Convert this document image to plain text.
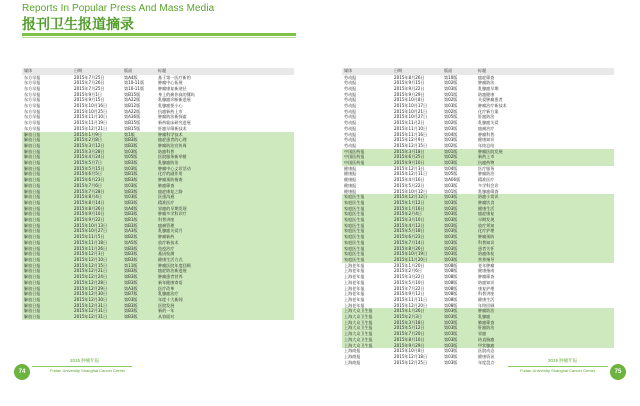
Reports In Popular Press And Mass Media
报刊卫生报道摘录
媒体	日期	版面	标题
东方早报	2015年7月25日	第A4版	基于第一医疗新的
东方早报	2015年7月26日	第10-11版	肿瘤中心拓展
东方早报	2015年7月25日	第10-11版	肿瘤康复新途径
东方早报	2015年9月1日	第B15版	身上的痛你真的懂吗
东方早报	2015年9月15日	第A22版	乳腺癌诊断新进展
东方早报	2015年10月16日	第B12版	乳腺癌要小心
东方早报	2015年10月25日	第A22版	抗癌新药上市
东方早报	2015年11月10日	第A36版	肿瘤防治新探索
东方早报	2015年11月19日	第B15版	新药临床研究进展
东方早报	2015年12月21日	第B15版	肝癌早筛新技术
解放日报	2015年1月9日	第1版	肿瘤科学技术
解放日报	2015年2月8日	第B3版	癌症患者的心理
解放日报	2015年3月12日	第B3版	肿瘤防治宣传周
解放日报	2015年3月28日	第03版	防癌科普
解放日报	2015年4月24日	第05版	医院服务新举措
解放日报	2015年5月7日	第B3版	乳腺癌防治
解放日报	2015年5月15日	第03版	肿瘤中心义诊活动
解放日报	2015年6月5日	第B1版	化疗的副作用
解放日报	2015年6月23日	第B3版	肿瘤预防指南
解放日报	2015年7月6日	第03版	肺癌筛查
解放日报	2015年7月28日	第B3版	癌症康复之路
解放日报	2015年8月4日	第03版	医患沟通
解放日报	2015年8月14日	第B3版	精准医疗
解放日报	2015年8月26日	第A4版	胃癌的早期发现
解放日报	2015年9月10日	第B3版	肿瘤多学科诊疗
解放日报	2015年9月22日	第B1版	科普讲座
解放日报	2015年10月13日	第B3版	癌痛管理
解放日报	2015年10月27日	第A3版	乳腺癌关爱月
解放日报	2015年11月5日	第B2版	肿瘤新药
解放日报	2015年11月18日	第A5版	放疗新技术
解放日报	2015年11月26日	第B3版	免疫治疗
解放日报	2015年12月3日	第B3版	基因检测
解放日报	2015年12月10日	第B3版	健康生活方式
解放日报	2015年12月15日	第11版	肿瘤医院年度回顾
解放日报	2015年12月21日	第B3版	癌症防治新进展
解放日报	2015年12月24日	第B3版	肿瘤患者营养
解放日报	2015年12月28日	第B3版	新年健康寄语
解放日报	2015年12月29日	第A3版	医疗改革
解放日报	2015年12月30日	第B7版	乳腺癌治疗
解放日报	2015年12月30日	第03版	年度十大新闻
解放日报	2015年12月31日	第B3版	医院发展
解放日报	2015年12月31日	第B3版	新的一年
解放日报	2015年12月31日	第B3版	从容面对
媒体	日期	版面	标题
劳动报	2015年8月26日	第10版	癌症筛查
劳动报	2015年9月15日	第02版	肿瘤防治
劳动报	2015年9月22日	第03版	乳腺癌早期
劳动报	2015年9月29日	第01版	防癌健康
劳动报	2015年10月8日	第02版	关爱肿瘤患者
劳动报	2015年10月17日	第03版	肿瘤治疗新技术
劳动报	2015年10月21日	第02版	化疗新方案
劳动报	2015年10月27日	第05版	肝癌防治
劳动报	2015年11月2日	第02版	乳腺癌关爱
劳动报	2015年11月10日	第03版	癌痛治疗
劳动报	2015年11月16日	第04版	肿瘤科普
劳动报	2015年12月9日	第03版	健康知识
劳动报	2015年12月15日	第02版	年终总结
中国医药报	2015年3月18日	第01版	肿瘤医院发展
中国医药报	2015年6月25日	第02版	新药上市
中国医药报	2015年9月10日	第03版	抗癌药物
健康报	2015年12月3日	第04版	医疗服务
健康报	2015年12月11日	第05版	肿瘤防治
健康报	2015年4月16日	第A06版	精准医疗
健康报	2015年5月22日	第03版	多学科会诊
健康报	2015年10月12日	第01版	乳腺癌筛查
家庭医生报	2015年12月12日	第03版	防癌小常识
家庭医生报	2015年1月12日	第03版	肿瘤饮食
家庭医生报	2015年1月16日	第03版	健康生活
家庭医生报	2015年2月4日	第03版	癌症康复
家庭医生报	2015年3月10日	第03版	早期发现
家庭医生报	2015年4月12日	第03版	放疗须知
家庭医生报	2015年5月18日	第03版	化疗护理
家庭医生报	2015年6月23日	第03版	肿瘤预防
家庭医生报	2015年7月14日	第03版	科普知识
家庭医生报	2015年8月26日	第03版	患者关怀
家庭医生报	2015年10月19日	第03版	防癌体检
家庭医生报	2015年11月20日	第03版	营养指导
上海老年报	2015年1月20日	第08版	老年肿瘤
上海老年报	2015年2月6日	第08版	健康指南
上海老年报	2015年3月22日	第08版	肿瘤筛查
上海老年报	2015年5月10日	第08版	防癌知识
上海老年报	2015年7月22日	第08版	康复护理
上海老年报	2015年9月12日	第08版	科普讲座
上海老年报	2015年11月11日	第08版	健康生活
上海老年报	2015年12月20日	第08版	年终回顾
上海大众卫生报	2015年1月26日	第03版	肿瘤防治
上海大众卫生报	2015年2月3日	第03版	乳腺癌
上海大众卫生报	2015年3月18日	第03版	肺癌筛查
上海大众卫生报	2015年5月12日	第03版	肝癌防治
上海大众卫生报	2015年7月20日	第03版	胃癌
上海大众卫生报	2015年8月10日	第03版	结直肠癌
上海大众卫生报	2015年9月29日	第03版	甲状腺癌
上海商报	2015年10月8日	第03版	医院动态
上海商报	2015年12月18日	第03版	健康资讯
上海商报	2015年12月25日	第03版	年度盘点
74
2015 肿瘤年报
Fudan University Shanghai Cancer Center	75
2015 肿瘤年报
Fudan University Shanghai Cancer Center
